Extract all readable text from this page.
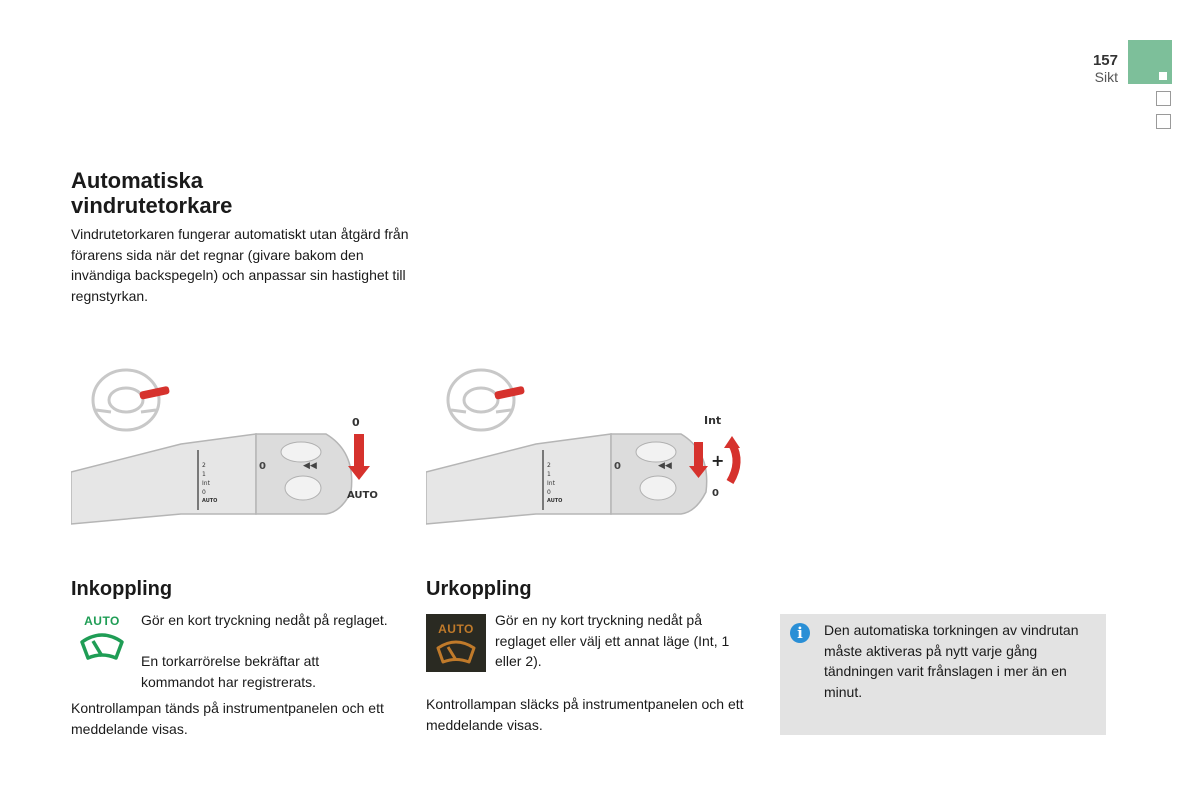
157
Sikt
Automatiska vindrutetorkare
Vindrutetorkaren fungerar automatiskt utan åtgärd från förarens sida när det regnar (givare bakom den invändiga backspegeln) och anpassar sin hastighet till regnstyrkan.
2
1
Int
0
AUTO
0	◀◀
0
AUTO
2
1
Int
0
AUTO
0	◀◀
Int
+
0
Inkoppling
AUTO	Gör en kort tryckning nedåt på reglaget.
En torkarrörelse bekräftar att kommandot har registrerats.
Kontrollampan tänds på instrumentpanelen och ett meddelande visas.
Urkoppling
AUTO
Gör en ny kort tryckning nedåt på reglaget eller välj ett annat läge (Int, 1 eller 2).
Kontrollampan släcks på instrumentpanelen och ett meddelande visas.
i	Den automatiska torkningen av vindrutan måste aktiveras på nytt varje gång tändningen varit frånslagen i mer än en minut.
